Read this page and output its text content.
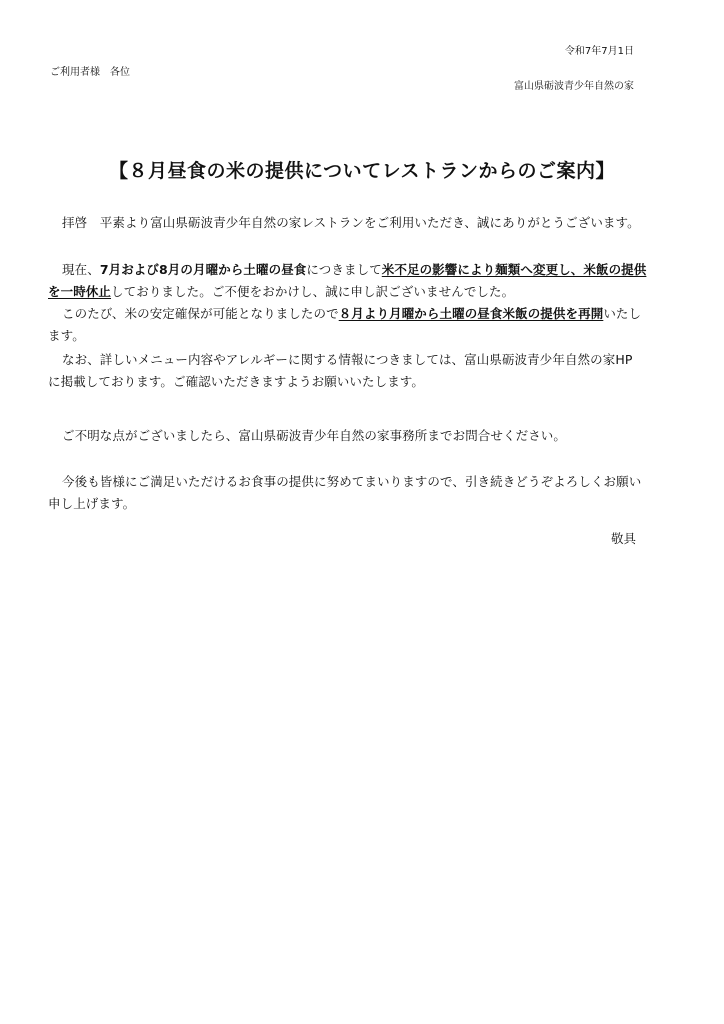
令和7年7月1日
ご利用者様　各位
富山県砺波青少年自然の家
【８月昼食の米の提供についてレストランからのご案内】
拝啓　平素より富山県砺波青少年自然の家レストランをご利用いただき、誠にありがとうございます。
現在、7月および8月の月曜から土曜の昼食につきまして米不足の影響により麺類へ変更し、米飯の提供
を一時休止しておりました。ご不便をおかけし、誠に申し訳ございませんでした。
このたび、米の安定確保が可能となりましたので８月より月曜から土曜の昼食米飯の提供を再開いたし
ます。
なお、詳しいメニュー内容やアレルギーに関する情報につきましては、富山県砺波青少年自然の家HP
に掲載しております。ご確認いただきますようお願いいたします。
ご不明な点がございましたら、富山県砺波青少年自然の家事務所までお問合せください。
今後も皆様にご満足いただけるお食事の提供に努めてまいりますので、引き続きどうぞよろしくお願い
申し上げます。
敬具
